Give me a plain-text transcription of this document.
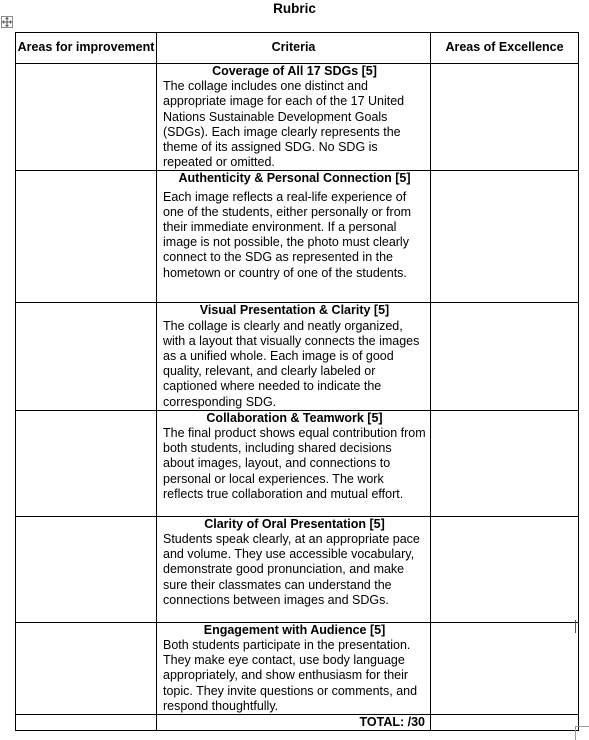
Rubric
Areas for improvement	Criteria	Areas of Excellence

	Coverage of All 17 SDGs [5]
The collage includes one distinct and appropriate image for each of the 17 United Nations Sustainable Development Goals (SDGs). Each image clearly represents the theme of its assigned SDG. No SDG is repeated or omitted.	

	Authenticity & Personal Connection [5]
Each image reflects a real-life experience of one of the students, either personally or from their immediate environment. If a personal image is not possible, the photo must clearly connect to the SDG as represented in the hometown or country of one of the students.	

	Visual Presentation & Clarity [5]
The collage is clearly and neatly organized, with a layout that visually connects the images as a unified whole. Each image is of good quality, relevant, and clearly labeled or captioned where needed to indicate the corresponding SDG.	

	Collaboration & Teamwork [5]
The final product shows equal contribution from both students, including shared decisions about images, layout, and connections to personal or local experiences. The work reflects true collaboration and mutual effort.	

	Clarity of Oral Presentation [5]
Students speak clearly, at an appropriate pace and volume. They use accessible vocabulary, demonstrate good pronunciation, and make sure their classmates can understand the connections between images and SDGs.	

	Engagement with Audience [5]
Both students participate in the presentation. They make eye contact, use body language appropriately, and show enthusiasm for their topic. They invite questions or comments, and respond thoughtfully.	

	TOTAL: /30	
